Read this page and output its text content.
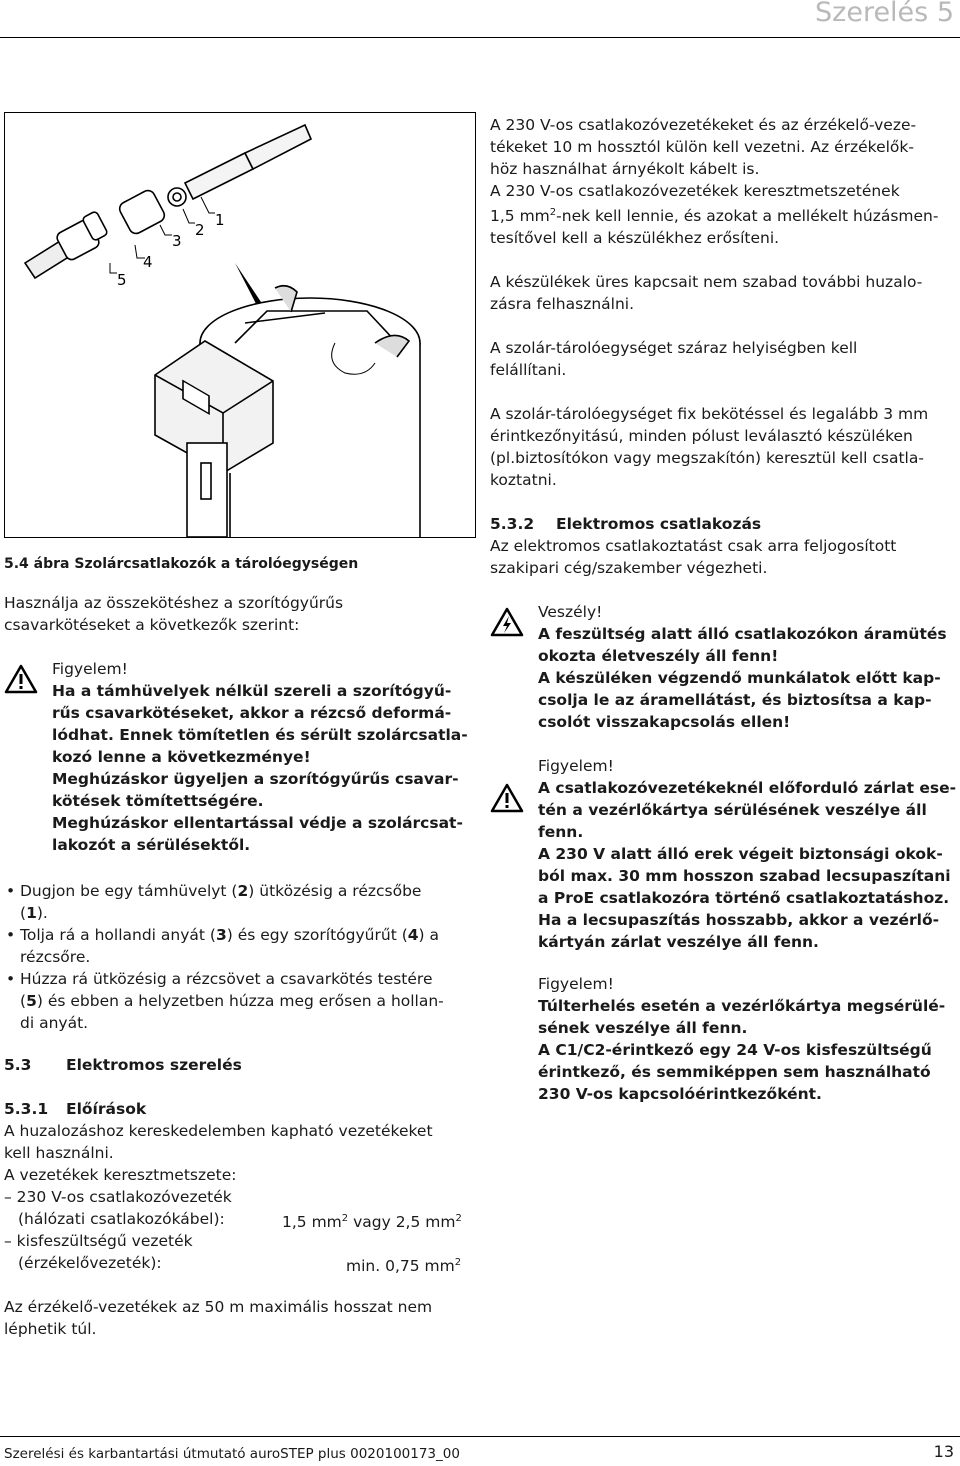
Szerelés 5
5
4
3
2
1
5.4 ábra Szolárcsatlakozók a tárolóegységen

Használja az összekötéshez a szorítógyűrűs csavarkötéseket a következők szerint:

Figyelem!

Ha a támhüvelyek nélkül szereli a szorítógyű-

rűs csavarkötéseket, akkor a rézcső deformá-

lódhat. Ennek tömítetlen és sérült szolárcsatla-

kozó lenne a következménye!

Meghúzáskor ügyeljen a szorítógyűrűs csavar-

kötések tömítettségére.

Meghúzáskor ellentartással védje a szolárcsat-

lakozót a sérülésektől.

• Dugjon be egy támhüvelyt (2) ütközésig a rézcsőbe
(1).
• Tolja rá a hollandi anyát (3) és egy szorítógyűrűt (4) a
rézcsőre.
• Húzza rá ütközésig a rézcsövet a csavarkötés testére
(5) és ebben a helyzetben húzza meg erősen a hollan-
di anyát.

5.3 Elektromos szerelés

5.3.1 Előírások

A huzalozáshoz kereskedelemben kapható vezetékeket

kell használni.

A vezetékek keresztmetszete:

– 230 V-os csatlakozóvezeték

(hálózati csatlakozókábel):	1,5 $mm^2$ vagy 2,5 $mm^2$

– kisfeszültségű vezeték

(érzékelővezeték):	min. 0,75 $mm^2$

Az érzékelő-vezetékek az 50 m maximális hosszat nem

léphetik túl.

A 230 V-os csatlakozóvezetékeket és az érzékelő-veze-

tékeket 10 m hossztól külön kell vezetni. Az érzékelők-

höz használhat árnyékolt kábelt is.

A 230 V-os csatlakozóvezetékek keresztmetszetének

1,5 $mm^2$-nek kell lennie, és azokat a mellékelt húzásmen-

tesítővel kell a készülékhez erősíteni.

A készülékek üres kapcsait nem szabad további huzalo-

zásra felhasználni.

A szolár-tárolóegységet száraz helyiségben kell

felállítani.

A szolár-tárolóegységet fix bekötéssel és legalább 3 mm

érintkezőnyitású, minden pólust leválasztó készüléken

(pl.biztosítókon vagy megszakítón) keresztül kell csatla-

koztatni.

5.3.2 Elektromos csatlakozás

Az elektromos csatlakoztatást csak arra feljogosított

szakipari cég/szakember végezheti.

Veszély!

A feszültség alatt álló csatlakozókon áramütés

okozta életveszély áll fenn!

A készüléken végzendő munkálatok előtt kap-

csolja le az áramellátást, és biztosítsa a kap-

csolót visszakapcsolás ellen!

Figyelem!

A csatlakozóvezetékeknél előforduló zárlat ese-

tén a vezérlőkártya sérülésének veszélye áll

fenn.

A 230 V alatt álló erek végeit biztonsági okok-

ból max. 30 mm hosszon szabad lecsupaszítani

a ProE csatlakozóra történő csatlakoztatáshoz.

Ha a lecsupaszítás hosszabb, akkor a vezérlő-

kártyán zárlat veszélye áll fenn.

Figyelem!

Túlterhelés esetén a vezérlőkártya megsérülé-

sének veszélye áll fenn.

A C1/C2-érintkező egy 24 V-os kisfeszültségű

érintkező, és semmiképpen sem használható

230 V-os kapcsolóérintkezőként.

Szerelési és karbantartási útmutató auroSTEP plus 0020100173_00	13
